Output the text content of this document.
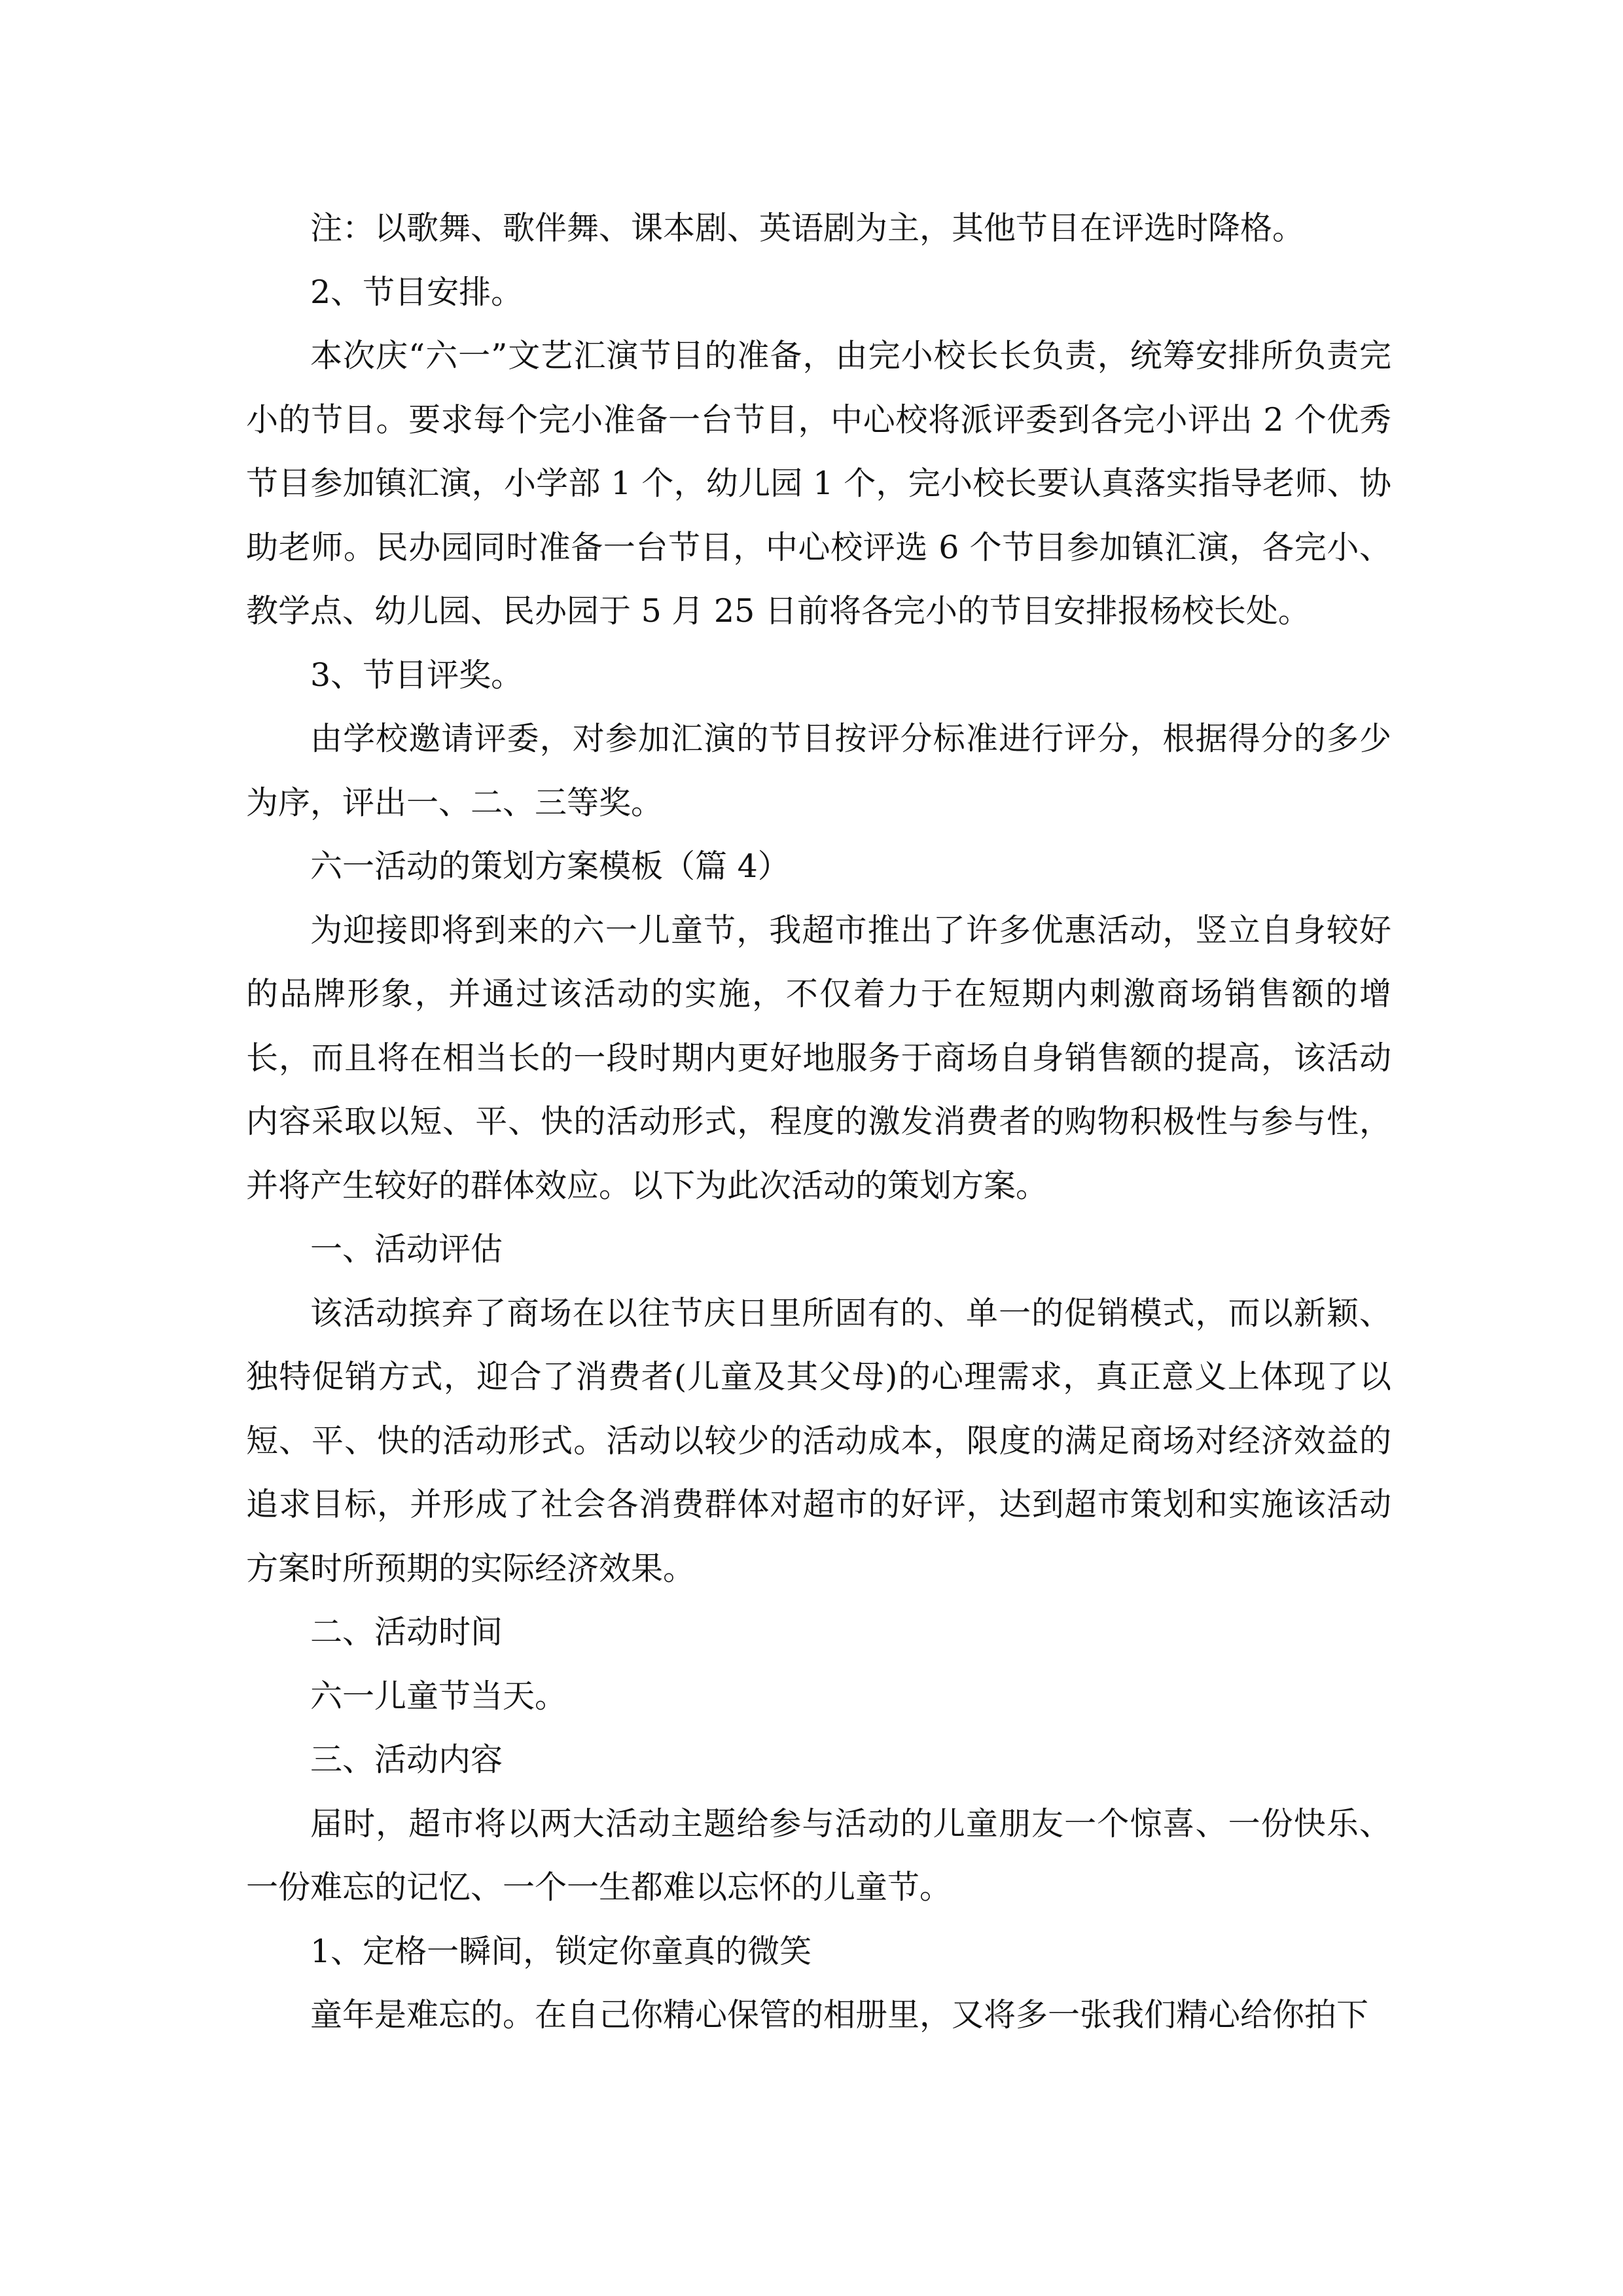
注：以歌舞、歌伴舞、课本剧、英语剧为主，其他节目在评选时降格。

2、节目安排。

本次庆“六一”文艺汇演节目的准备，由完小校长长负责，统筹安排所负责完小的节目。要求每个完小准备一台节目，中心校将派评委到各完小评出 2 个优秀节目参加镇汇演，小学部 1 个，幼儿园 1 个，完小校长要认真落实指导老师、协助老师。民办园同时准备一台节目，中心校评选 6 个节目参加镇汇演，各完小、教学点、幼儿园、民办园于 5 月 25 日前将各完小的节目安排报杨校长处。

3、节目评奖。

由学校邀请评委，对参加汇演的节目按评分标准进行评分，根据得分的多少为序，评出一、二、三等奖。

六一活动的策划方案模板（篇 4）

为迎接即将到来的六一儿童节，我超市推出了许多优惠活动，竖立自身较好的品牌形象，并通过该活动的实施，不仅着力于在短期内刺激商场销售额的增长，而且将在相当长的一段时期内更好地服务于商场自身销售额的提高，该活动内容采取以短、平、快的活动形式，程度的激发消费者的购物积极性与参与性，并将产生较好的群体效应。以下为此次活动的策划方案。

一、活动评估

该活动摈弃了商场在以往节庆日里所固有的、单一的促销模式，而以新颖、独特促销方式，迎合了消费者(儿童及其父母)的心理需求，真正意义上体现了以短、平、快的活动形式。活动以较少的活动成本，限度的满足商场对经济效益的追求目标，并形成了社会各消费群体对超市的好评，达到超市策划和实施该活动方案时所预期的实际经济效果。

二、活动时间

六一儿童节当天。

三、活动内容

届时，超市将以两大活动主题给参与活动的儿童朋友一个惊喜、一份快乐、一份难忘的记忆、一个一生都难以忘怀的儿童节。

1、定格一瞬间，锁定你童真的微笑

童年是难忘的。在自己你精心保管的相册里，又将多一张我们精心给你拍下
